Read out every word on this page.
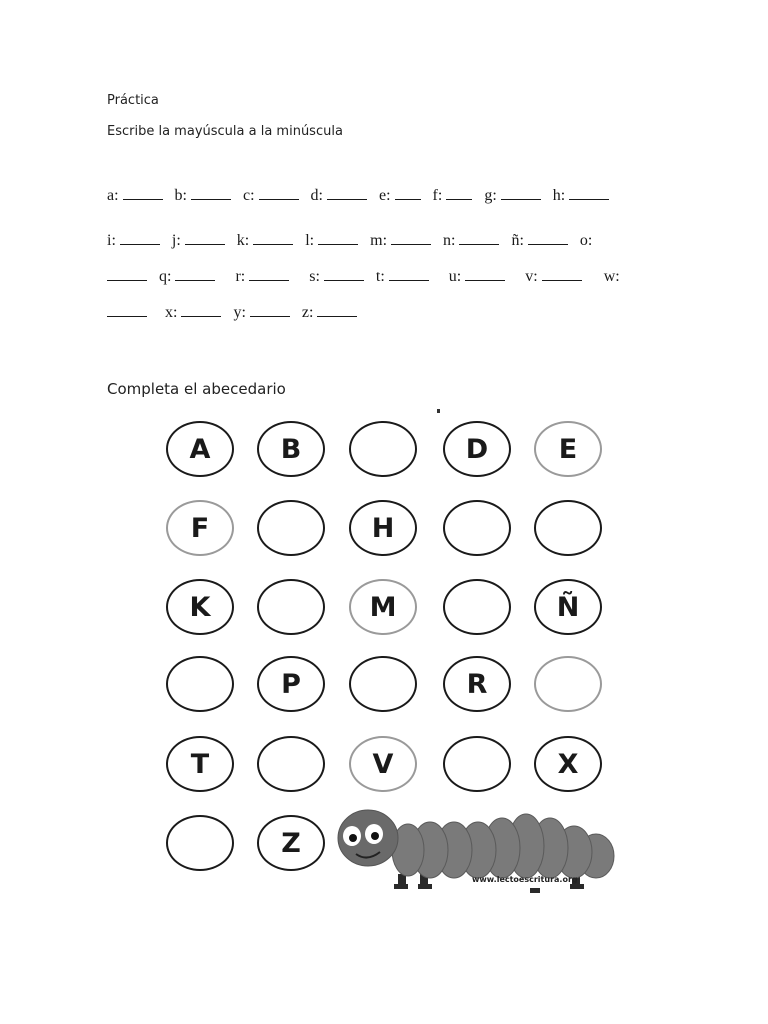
Práctica
Escribe la mayúscula a la minúscula
a:	b:	c:	d:	e:	f:	g:	h:
i:	j:	k:	l:	m:	n:	ñ:	o:
q:	r:	s:	t:	u:	v:	w:
x:	y:	z:
Completa el abecedario
A	B	D	E
F	H
K	M	Ñ
P	R
T	V	X
Z
www.lectoescritura.org
